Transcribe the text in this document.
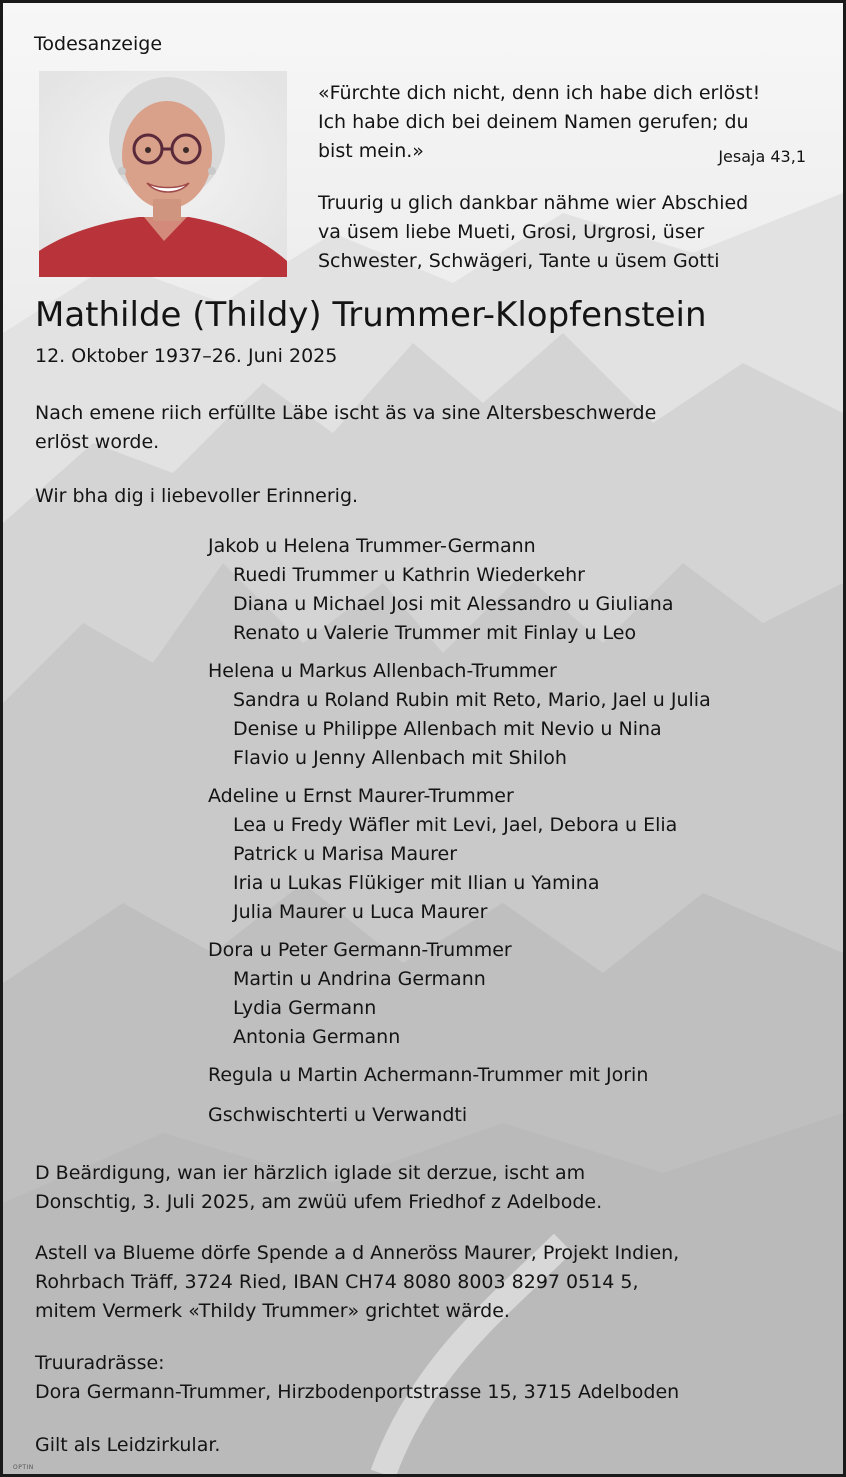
Todesanzeige
«Fürchte dich nicht, denn ich habe dich erlöst!
Ich habe dich bei deinem Namen gerufen; du
bist mein.»	Jesaja 43,1
Truurig u glich dankbar nähme wier Abschied
va üsem liebe Mueti, Grosi, Urgrosi, üser
Schwester, Schwägeri, Tante u üsem Gotti
Mathilde (Thildy) Trummer-Klopfenstein
12. Oktober 1937–26. Juni 2025
Nach emene riich erfüllte Läbe ischt äs va sine Altersbeschwerde
erlöst worde.
Wir bha dig i liebevoller Erinnerig.
Jakob u Helena Trummer-Germann
Ruedi Trummer u Kathrin Wiederkehr
Diana u Michael Josi mit Alessandro u Giuliana
Renato u Valerie Trummer mit Finlay u Leo
Helena u Markus Allenbach-Trummer
Sandra u Roland Rubin mit Reto, Mario, Jael u Julia
Denise u Philippe Allenbach mit Nevio u Nina
Flavio u Jenny Allenbach mit Shiloh
Adeline u Ernst Maurer-Trummer
Lea u Fredy Wäfler mit Levi, Jael, Debora u Elia
Patrick u Marisa Maurer
Iria u Lukas Flükiger mit Ilian u Yamina
Julia Maurer u Luca Maurer
Dora u Peter Germann-Trummer
Martin u Andrina Germann
Lydia Germann
Antonia Germann
Regula u Martin Achermann-Trummer mit Jorin
Gschwischterti u Verwandti
D Beärdigung, wan ier härzlich iglade sit derzue, ischt am
Donschtig, 3. Juli 2025, am zwüü ufem Friedhof z Adelbode.
Astell va Blueme dörfe Spende a d Anneröss Maurer, Projekt Indien,
Rohrbach Träff, 3724 Ried, IBAN CH74 8080 8003 8297 0514 5,
mitem Vermerk «Thildy Trummer» grichtet wärde.
Truuradrässe:
Dora Germann-Trummer, Hirzbodenportstrasse 15, 3715 Adelboden
Gilt als Leidzirkular.
OPTIN
